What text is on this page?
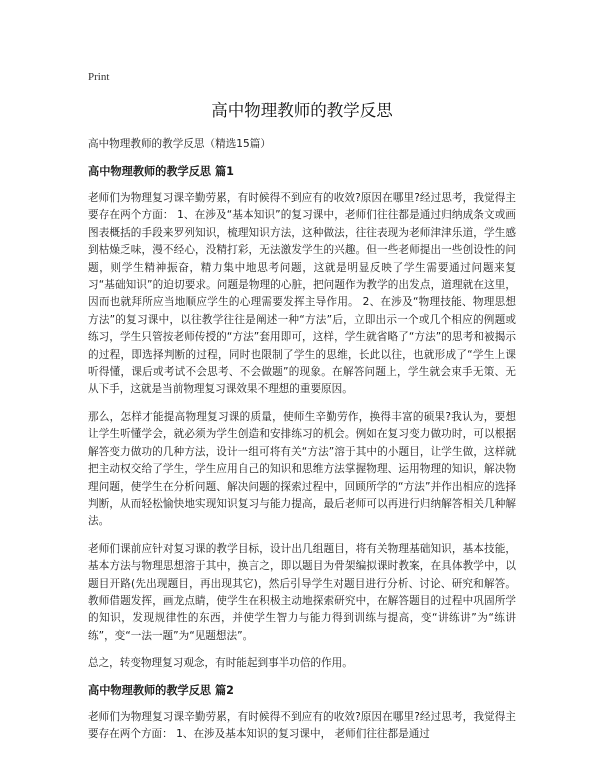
Print
高中物理教师的教学反思
高中物理教师的教学反思（精选15篇）
高中物理教师的教学反思 篇1

老师们为物理复习课辛勤劳累，有时候得不到应有的收效?原因在哪里?经过思考，我觉得主要存在两个方面： 1、在涉及“基本知识”的复习课中，老师们往往都是通过归纳成条文或画图表概括的手段来罗列知识，梳理知识方法，这种做法，往往表现为老师津津乐道，学生感到枯燥乏味，漫不经心，没精打彩，无法激发学生的兴趣。但一些老师提出一些创设性的问题，则学生精神振奋，精力集中地思考问题，这就是明显反映了学生需要通过问题来复习“基础知识”的迫切要求。问题是物理的心脏，把问题作为教学的出发点，道理就在这里，因而也就拜所应当地顺应学生的心理需要发挥主导作用。 2、在涉及“物理技能、物理思想方法”的复习课中，以往教学往往是阐述一种“方法”后，立即出示一个或几个相应的例题或练习，学生只管按老师传授的“方法”套用即可，这样，学生就省略了“方法”的思考和被揭示的过程，即选择判断的过程，同时也限制了学生的思维，长此以往，也就形成了“学生上课听得懂，课后或考试不会思考、不会做题”的现象。在解答问题上，学生就会束手无策、无从下手，这就是当前物理复习课效果不理想的重要原因。

那么，怎样才能提高物理复习课的质量，使师生辛勤劳作，换得丰富的硕果?我认为，要想让学生听懂学会，就必须为学生创造和安排练习的机会。例如在复习变力做功时，可以根据解答变力做功的几种方法，设计一组可将有关“方法”溶于其中的小题目，让学生做，这样就把主动权交给了学生，学生应用自己的知识和思维方法掌握物理、运用物理的知识，解决物理问题，使学生在分析问题、解决问题的探索过程中，回顾所学的“方法”并作出相应的选择判断，从而轻松愉快地实现知识复习与能力提高，最后老师可以再进行归纳解答相关几种解法。

老师们课前应针对复习课的教学目标，设计出几组题目，将有关物理基础知识，基本技能，基本方法与物理思想溶于其中，换言之，即以题目为骨架编拟课时教案，在具体教学中，以题目开路(先出现题目，再出现其它)，然后引导学生对题目进行分析、讨论、研究和解答。教师借题发挥，画龙点睛，使学生在积极主动地探索研究中，在解答题目的过程中巩固所学的知识，发现规律性的东西，并使学生智力与能力得到训练与提高，变“讲练讲”为“练讲练”，变“一法一题”为“见题想法”。

总之，转变物理复习观念，有时能起到事半功倍的作用。

高中物理教师的教学反思 篇2

老师们为物理复习课辛勤劳累，有时候得不到应有的收效?原因在哪里?经过思考，我觉得主要存在两个方面： 1、在涉及基本知识的复习课中， 老师们往往都是通过
